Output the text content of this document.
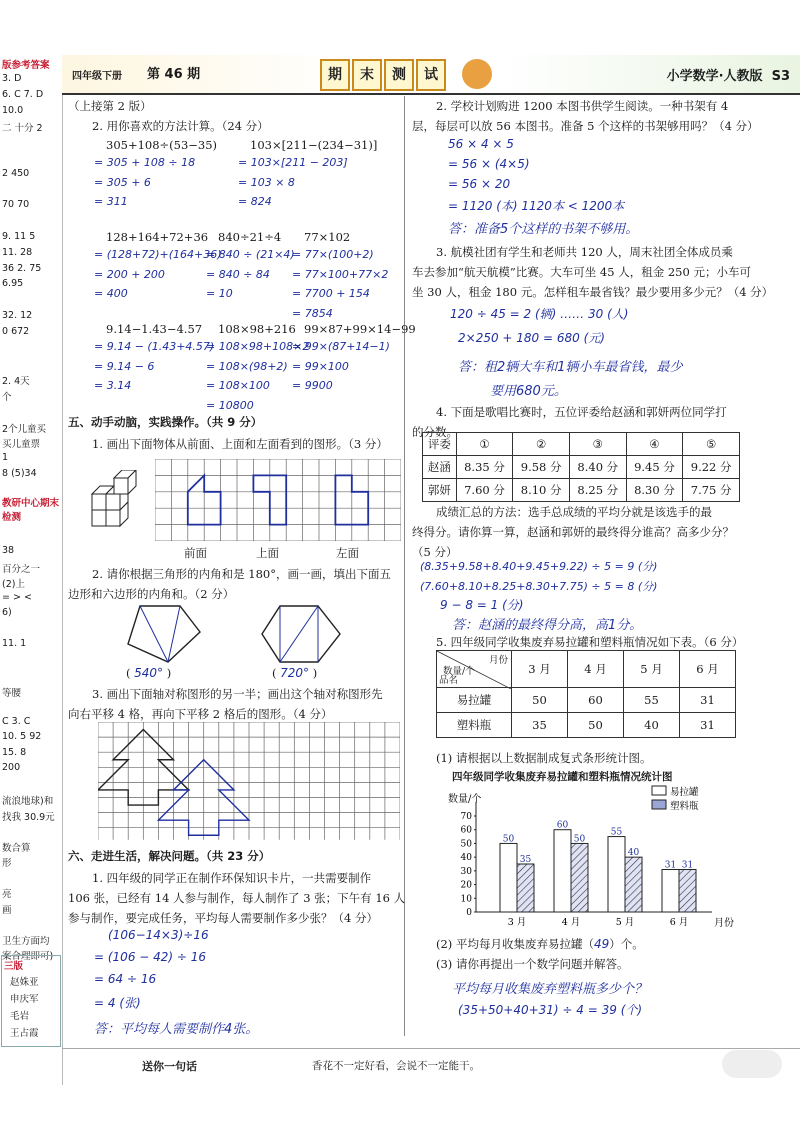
版参考答案
3. D
6. C 7. D
10.0
二 十分 2
2 450
70 70
9. 11 5
11. 28
36 2. 75
6.95
32. 12
0 672
2. 4天
个
2个儿童买
买儿童票
1
8 (5)34
教研中心期末检测
38
百分之一
(2)上
= > <
6)
11. 1
等腰
C 3. C
10. 5 92
15. 8
200
流浪地球)和
找我 30.9元
数合算
形
亮
画
卫生方面均
案合理即可)
三版
赵姝亚
申庆军
毛岩
王占霞
四年级下册 第 46 期	期	末	测	试	小学数学·人教版 S3
（上接第 2 版）
2. 用你喜欢的方法计算。（24 分）
305+108÷(53−35)
= 305 + 108 ÷ 18
= 305 + 6
= 311
103×[211−(234−31)]
= 103×[211 − 203]
= 103 × 8
= 824
128+164+72+36
= (128+72)+(164+36)
= 200 + 200
= 400
840÷21÷4
= 840 ÷ (21×4)
= 840 ÷ 84
= 10
77×102
= 77×(100+2)
= 77×100+77×2
= 7700 + 154
= 7854
9.14−1.43−4.57
= 9.14 − (1.43+4.57)
= 9.14 − 6
= 3.14
108×98+216
= 108×98+108×2
= 108×(98+2)
= 108×100
= 10800
99×87+99×14−99
= 99×(87+14−1)
= 99×100
= 9900
五、动手动脑，实践操作。（共 9 分）
1. 画出下面物体从前面、上面和左面看到的图形。（3 分）
前面	上面	左面
2. 请你根据三角形的内角和是 180°，画一画，填出下面五
边形和六边形的内角和。（2 分）
( 540° )	( 720° )
3. 画出下面轴对称图形的另一半；画出这个轴对称图形先
向右平移 4 格，再向下平移 2 格后的图形。（4 分）
六、走进生活，解决问题。（共 23 分）
1. 四年级的同学正在制作环保知识卡片，一共需要制作
106 张，已经有 14 人参与制作，每人制作了 3 张；下午有 16 人
参与制作，要完成任务，平均每人需要制作多少张？（4 分）
(106−14×3)÷16
= (106 − 42) ÷ 16
= 64 ÷ 16
= 4 (张)
答：平均每人需要制作4张。
2. 学校计划购进 1200 本图书供学生阅读。一种书架有 4
层，每层可以放 56 本图书。准备 5 个这样的书架够用吗？（4 分）
56 × 4 × 5
= 56 × (4×5)
= 56 × 20
= 1120 (本) 1120本 < 1200本
答：准备5个这样的书架不够用。
3. 航模社团有学生和老师共 120 人，周末社团全体成员乘
车去参加“航天航模”比赛。大车可坐 45 人，租金 250 元；小车可
坐 30 人，租金 180 元。怎样租车最省钱？最少要用多少元？（4 分）
120 ÷ 45 = 2 (辆) …… 30 (人)
2×250 + 180 = 680 (元)
答：租2辆大车和1辆小车最省钱，最少
要用680元。
4. 下面是歌唱比赛时，五位评委给赵涵和郭妍两位同学打
的分数。
评委	①	②	③	④	⑤
赵涵	8.35 分	9.58 分	8.40 分	9.45 分	9.22 分
郭妍	7.60 分	8.10 分	8.25 分	8.30 分	7.75 分
成绩汇总的方法：选手总成绩的平均分就是该选手的最
终得分。请你算一算，赵涵和郭妍的最终得分谁高？高多少分？
（5 分）
(8.35+9.58+8.40+9.45+9.22) ÷ 5 = 9 (分)
(7.60+8.10+8.25+8.30+7.75) ÷ 5 = 8 (分)
9 − 8 = 1 (分)
答：赵涵的最终得分高，高1分。
5. 四年级同学收集废弃易拉罐和塑料瓶情况如下表。（6 分）
月份
数量/个
品名	3 月	4 月	5 月	6 月
易拉罐	50	60	55	31
塑料瓶	35	50	40	31
(1) 请根据以上数据制成复式条形统计图。
四年级同学收集废弃易拉罐和塑料瓶情况统计图
数量/个
月份
0
10
20
30
40
50
60
70
50
35
3 月
60
50
4 月
55
40
5 月
31 31
6 月
易拉罐
塑料瓶
(2) 平均每月收集废弃易拉罐（49）个。
(3) 请你再提出一个数学问题并解答。
平均每月收集废弃塑料瓶多少个？
(35+50+40+31) ÷ 4 = 39 (个)
送你一句话	香花不一定好看，会说不一定能干。
